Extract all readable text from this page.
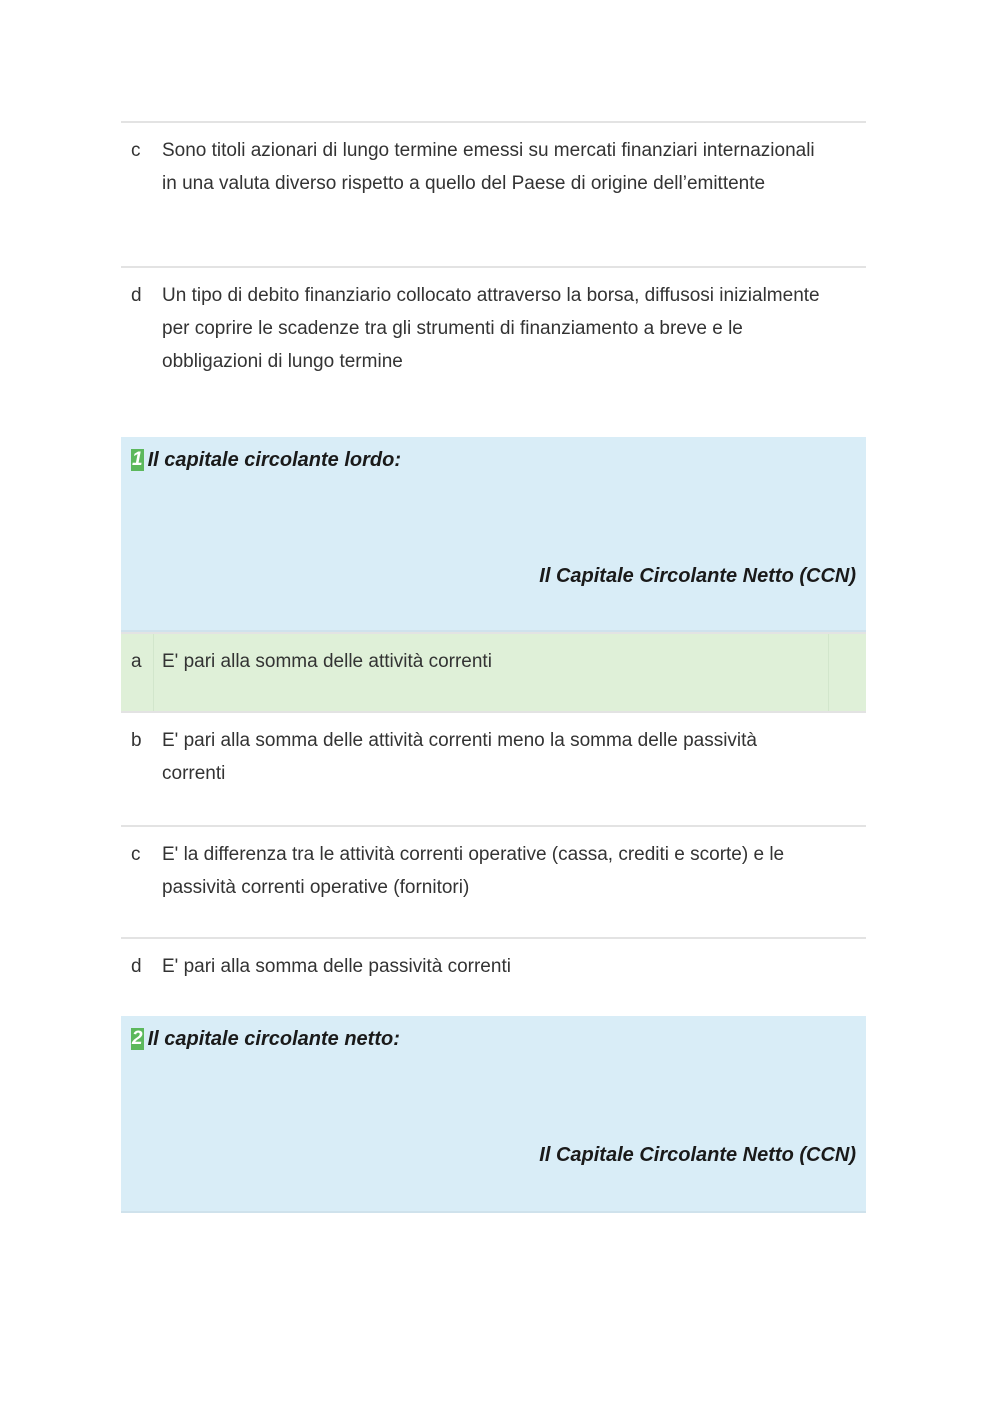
c Sono titoli azionari di lungo termine emessi su mercati finanziari internazionali in una valuta diverso rispetto a quello del Paese di origine dell’emittente
d Un tipo di debito finanziario collocato attraverso la borsa, diffusosi inizialmente per coprire le scadenze tra gli strumenti di finanziamento a breve e le obbligazioni di lungo termine
1 Il capitale circolante lordo:
Il Capitale Circolante Netto (CCN)
a E' pari alla somma delle attività correnti
b E' pari alla somma delle attività correnti meno la somma delle passività correnti
c E' la differenza tra le attività correnti operative (cassa, crediti e scorte) e le passività correnti operative (fornitori)
d E' pari alla somma delle passività correnti
2 Il capitale circolante netto:
Il Capitale Circolante Netto (CCN)
